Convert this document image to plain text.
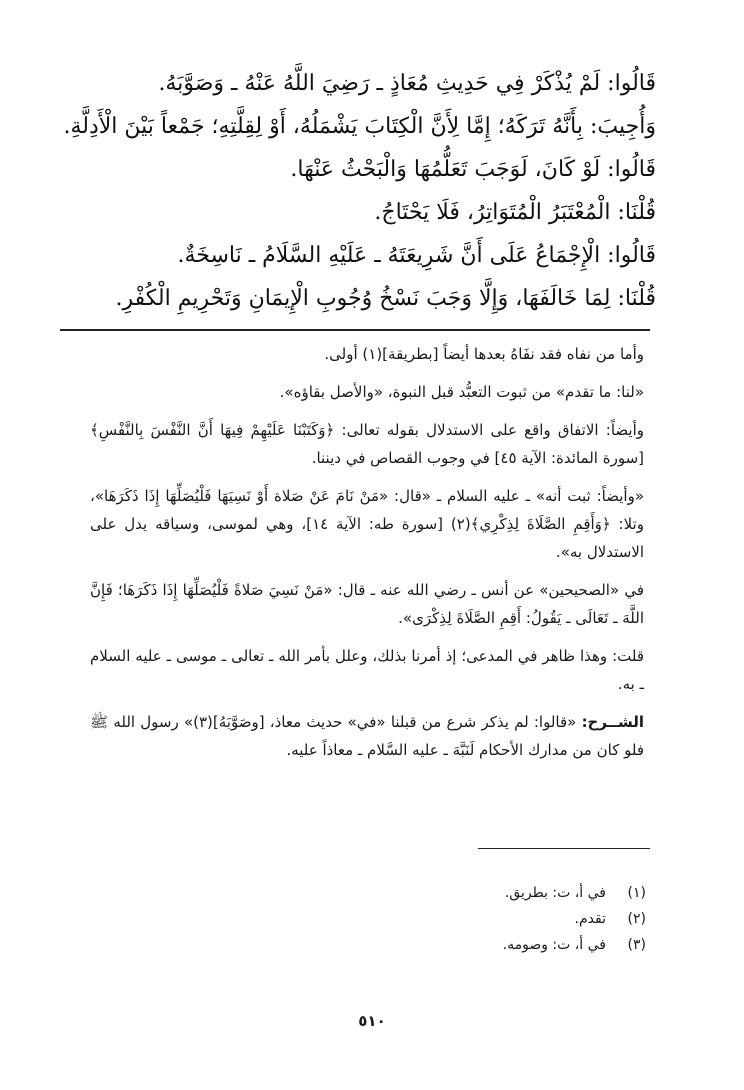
قَالُوا: لَمْ يُذْكَرْ فِي حَدِيثِ مُعَاذٍ ـ رَضِيَ اللَّهُ عَنْهُ ـ وَصَوَّبَهُ.
وَأُجِيبَ: بِأَنَّهُ تَرَكَهُ؛ إِمَّا لِأَنَّ الْكِتَابَ يَشْمَلُهُ، أَوْ لِقِلَّتِهِ؛ جَمْعاً بَيْنَ الْأَدِلَّةِ.
قَالُوا: لَوْ كَانَ، لَوَجَبَ تَعَلُّمُهَا وَالْبَحْثُ عَنْهَا.
قُلْنَا: الْمُعْتَبَرُ الْمُتَوَاتِرُ، فَلَا يَحْتَاجُ.
قَالُوا: الْإِجْمَاعُ عَلَى أَنَّ شَرِيعَتَهُ ـ عَلَيْهِ السَّلَامُ ـ نَاسِخَةٌ.
قُلْنَا: لِمَا خَالَفَهَا، وَإِلَّا وَجَبَ نَسْخُ وُجُوبِ الْإِيمَانِ وَتَحْرِيمِ الْكُفْرِ.

وأما من نفاه فقد نفَاهُ بعدها أيضاً [بطريقة](١) أولى.

«لنا: ما تقدم» من ثبوت التعبُّد قبل النبوة، «والأصل بقاؤه».

وأيضاً: الاتفاق واقع على الاستدلال بقوله تعالى: ﴿وَكَتَبْنَا عَلَيْهِمْ فِيهَا أَنَّ النَّفْسَ بِالنَّفْسِ﴾ [سورة المائدة: الآية ٤٥] في وجوب القصاص في ديننا.

«وأيضاً: ثبت أنه» ـ عليه السلام ـ «قال: «مَنْ نَامَ عَنْ صَلاة أَوْ نَسِيَهَا فَلْيُصَلِّهَا إِذَا ذَكَرَهَا»، وتلا: ﴿وَأَقِمِ الصَّلَاةَ لِذِكْرِي﴾(٢) [سورة طه: الآية ١٤]، وهي لموسى، وسياقه يدل على الاستدلال به».

في «الصحيحين» عن أنس ـ رضي الله عنه ـ قال: «مَنْ نَسِيَ صَلاةً فَلْيُصَلِّهَا إِذَا ذَكَرَهَا؛ فَإِنَّ اللَّهَ ـ تَعَالَى ـ يَقُولُ: أَقِمِ الصَّلَاةَ لِذِكْرَى».

قلت: وهذا ظاهر في المدعى؛ إذ أمرنا بذلك، وعلل بأمر الله ـ تعالى ـ موسى ـ عليه السلام ـ به.

الشــرح: «قالوا: لم يذكر شرع من قبلنا «في» حديث معاذ، [وصَوَّبَهُ](٣)» رسول الله ﷺ فلو كان من مدارك الأحكام لَنَبَّهَ ـ عليه السَّلام ـ معاذاً عليه.

(١)في أ، ت: بطريق.
(٢)تقدم.
(٣)في أ، ت: وصومه.
٥١٠
